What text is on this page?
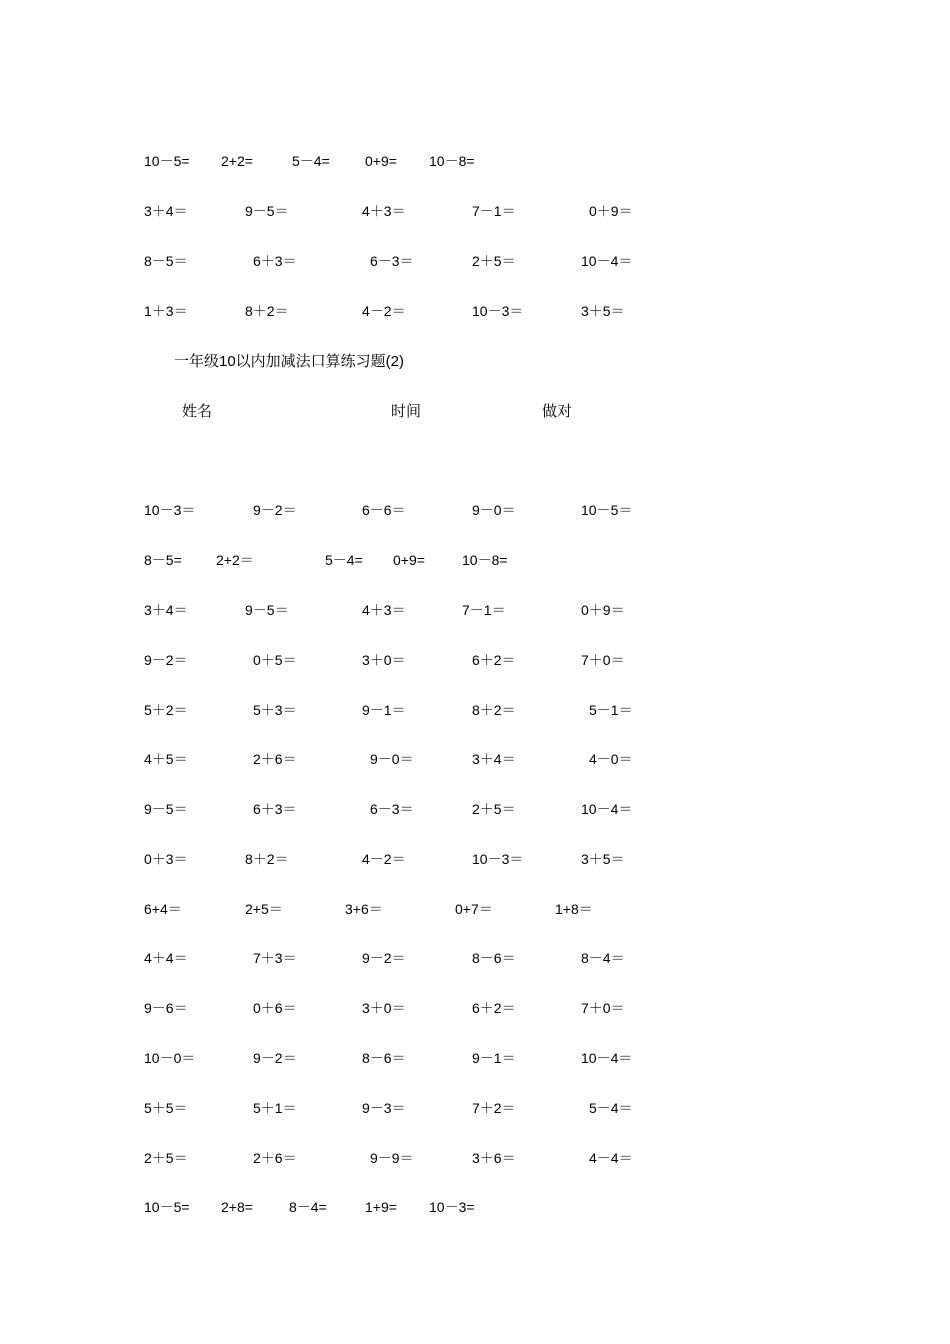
10－5= 2+2=	5－4=	0+9= 10－8=
3＋4＝	9－5＝	4＋3＝	7－1＝	0＋9＝
8－5＝	6＋3＝	6－3＝	2＋5＝	10－4＝
1＋3＝	8＋2＝	4－2＝	10－3＝	3＋5＝
一年级10以内加减法口算练习题(2)
姓名	时间	做对
10－3＝	9－2＝	6－6＝	9－0＝	10－5＝
8－5= 2+2＝	5－4= 0+9=	10－8=
3＋4＝	9－5＝	4＋3＝	7－1＝	0＋9＝
9－2＝	0＋5＝	3＋0＝	6＋2＝	7＋0＝
5＋2＝	5＋3＝	9－1＝	8＋2＝	5－1＝
4＋5＝	2＋6＝	9－0＝	3＋4＝	4－0＝
9－5＝	6＋3＝	6－3＝	2＋5＝	10－4＝
0＋3＝	8＋2＝	4－2＝	10－3＝	3＋5＝
6+4＝	2+5＝	3+6＝	0+7＝	1+8＝
4＋4＝	7＋3＝	9－2＝	8－6＝	8－4＝
9－6＝	0＋6＝	3＋0＝	6＋2＝	7＋0＝
10－0＝	9－2＝	8－6＝	9－1＝	10－4＝
5＋5＝	5＋1＝	9－3＝	7＋2＝	5－4＝
2＋5＝	2＋6＝	9－9＝	3＋6＝	4－4＝
10－5= 2+8=	8－4=	1+9= 10－3=
